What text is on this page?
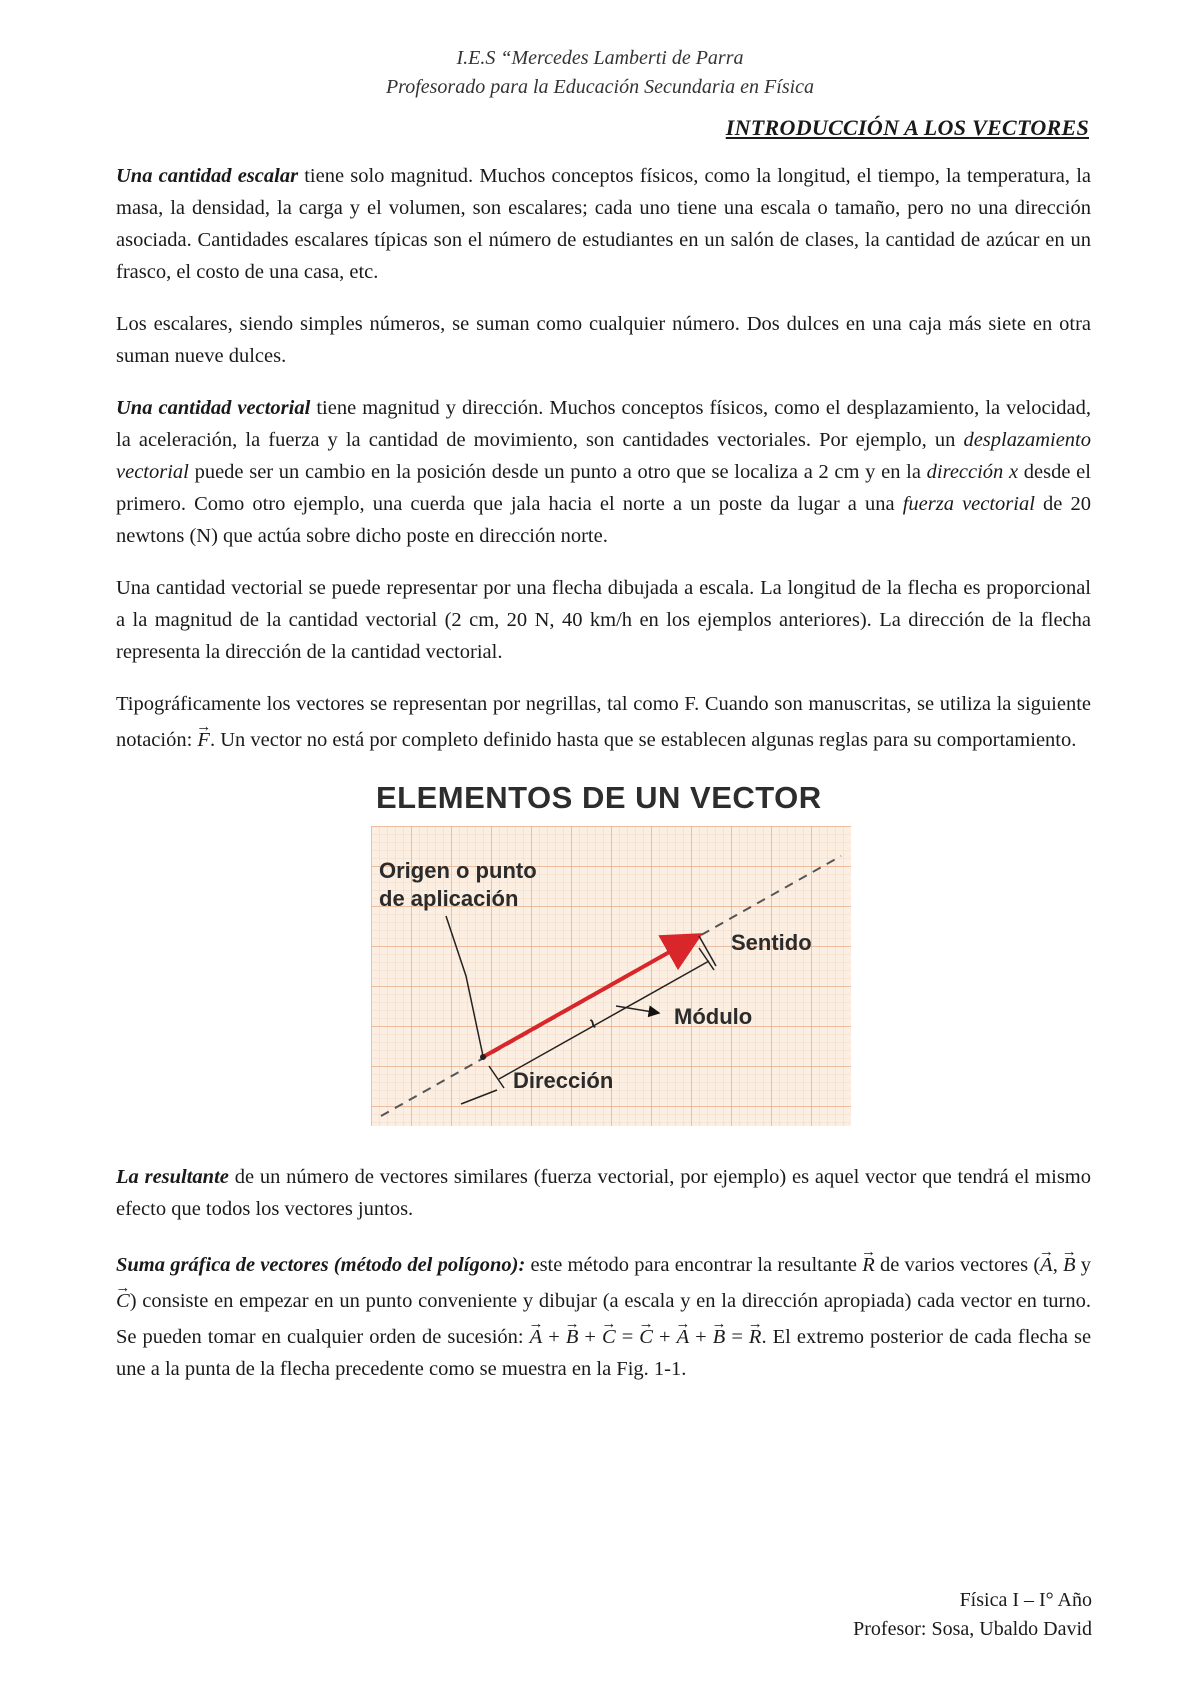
I.E.S “Mercedes Lamberti de Parra
Profesorado para la Educación Secundaria en Física
INTRODUCCIÓN A LOS VECTORES

Una cantidad escalar tiene solo magnitud. Muchos conceptos físicos, como la longitud, el tiempo, la temperatura, la masa, la densidad, la carga y el volumen, son escalares; cada uno tiene una escala o tamaño, pero no una dirección asociada. Cantidades escalares típicas son el número de estudiantes en un salón de clases, la cantidad de azúcar en un frasco, el costo de una casa, etc.

Los escalares, siendo simples números, se suman como cualquier número. Dos dulces en una caja más siete en otra suman nueve dulces.

Una cantidad vectorial tiene magnitud y dirección. Muchos conceptos físicos, como el desplazamiento, la velocidad, la aceleración, la fuerza y la cantidad de movimiento, son cantidades vectoriales. Por ejemplo, un desplazamiento vectorial puede ser un cambio en la posición desde un punto a otro que se localiza a 2 cm y en la dirección x desde el primero. Como otro ejemplo, una cuerda que jala hacia el norte a un poste da lugar a una fuerza vectorial de 20 newtons (N) que actúa sobre dicho poste en dirección norte.

Una cantidad vectorial se puede representar por una flecha dibujada a escala. La longitud de la flecha es proporcional a la magnitud de la cantidad vectorial (2 cm, 20 N, 40 km/h en los ejemplos anteriores). La dirección de la flecha representa la dirección de la cantidad vectorial.

Tipográficamente los vectores se representan por negrillas, tal como F. Cuando son manuscritas, se utiliza la siguiente notación: → F. Un vector no está por completo definido hasta que se establecen algunas reglas para su comportamiento.

ELEMENTOS DE UN VECTOR
~
Origen o punto
de aplicación
Sentido
Módulo
Dirección

La resultante de un número de vectores similares (fuerza vectorial, por ejemplo) es aquel vector que tendrá el mismo efecto que todos los vectores juntos.

Suma gráfica de vectores (método del polígono): este método para encontrar la resultante → R de varios vectores (→ A, → B y → C) consiste en empezar en un punto conveniente y dibujar (a escala y en la dirección apropiada) cada vector en turno. Se pueden tomar en cualquier orden de sucesión: → A + → B + → C = → C + → A + → B = → R. El extremo posterior de cada flecha se une a la punta de la flecha precedente como se muestra en la Fig. 1-1.

Física I – I° Año
Profesor: Sosa, Ubaldo David
